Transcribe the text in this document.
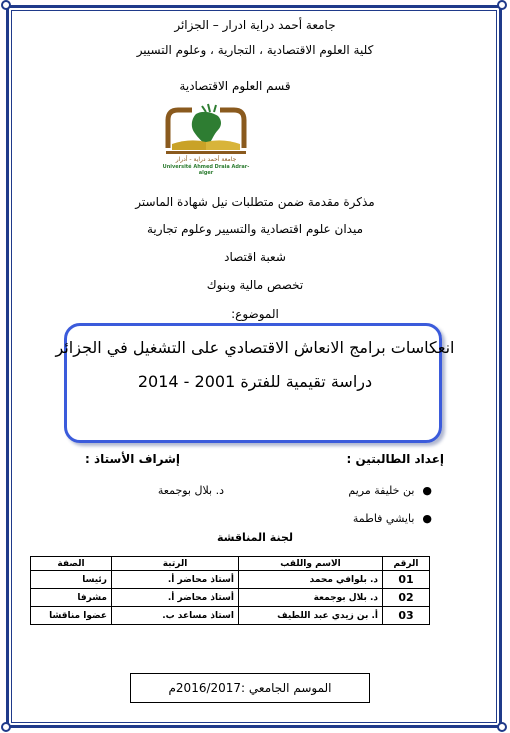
جامعة أحمد دراية ادرار – الجزائر
كلية العلوم الاقتصادية ، التجارية ، وعلوم التسيير
قسم العلوم الاقتصادية
جامعة أحمد دراية - أدرار
Université Ahmed Draia Adrar- alger
مذكرة مقدمة ضمن متطلبات نيل شهادة الماستر
ميدان علوم اقتصادية والتسيير وعلوم تجارية
شعبة اقتصاد
تخصص مالية وبنوك
الموضوع:
انعكاسات برامج الانعاش الاقتصادي على التشغيل في الجزائر
دراسة تقيمية للفترة 2001 - 2014
إعداد الطالبتين :
إشراف الأستاذ :
●بن خليفة مريم
●بايشي فاطمة
د. بلال بوجمعة
لجنة المناقشة
الرقم	الاسم واللقب	الرتبة	الصفة
01	د. بلوافي محمد	أستاذ محاضر أ.	رئيسا
02	د. بلال بوجمعة	أستاذ محاضر أ.	مشرفا
03	أ. بن زيدي عبد اللطيف	استاذ مساعد ب.	عضوا مناقشا
الموسم الجامعي :2016/2017م
